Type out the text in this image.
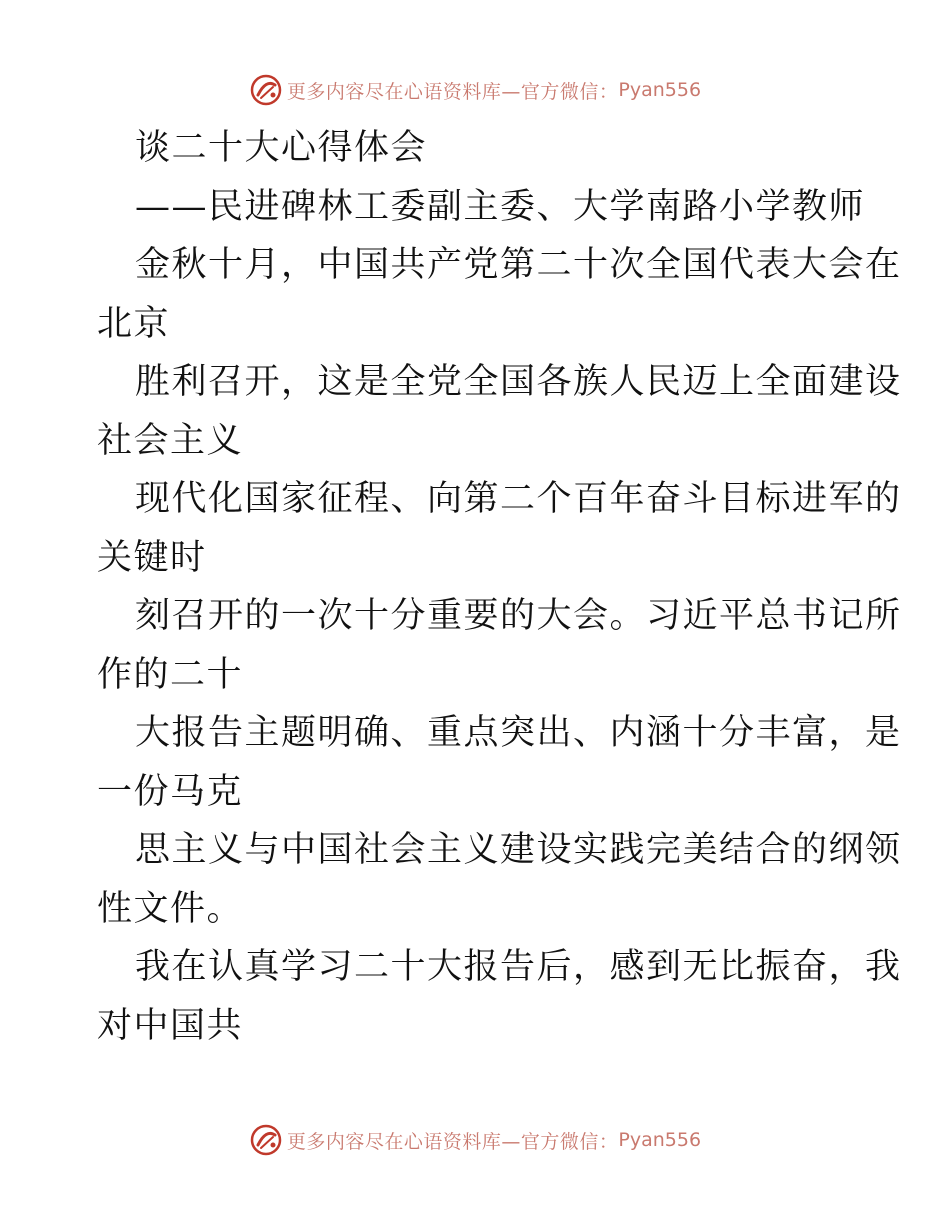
更多内容尽在心语资料库—官方微信： Pyan556
谈二十大心得体会
——民进碑林工委副主委、大学南路小学教师
金秋十月，中国共产党第二十次全国代表大会在
北京
胜利召开，这是全党全国各族人民迈上全面建设
社会主义
现代化国家征程、向第二个百年奋斗目标进军的
关键时
刻召开的一次十分重要的大会。习近平总书记所
作的二十
大报告主题明确、重点突出、内涵十分丰富，是
一份马克
思主义与中国社会主义建设实践完美结合的纲领
性文件。
我在认真学习二十大报告后，感到无比振奋，我
对中国共
更多内容尽在心语资料库—官方微信： Pyan556
